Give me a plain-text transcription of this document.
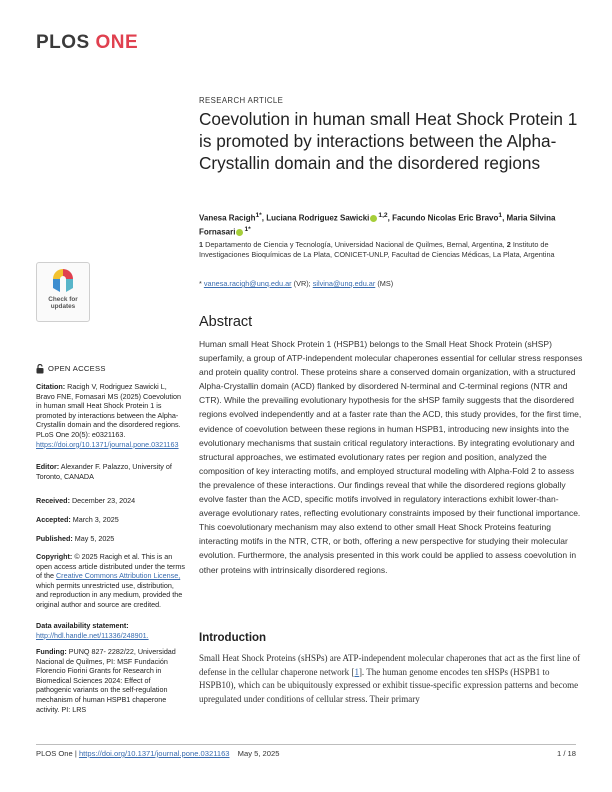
PLOS ONE
Check for
updates
OPEN ACCESS
Citation: Racigh V, Rodriguez Sawicki L, Bravo FNE, Fornasari MS (2025) Coevolution in human small Heat Shock Protein 1 is promoted by interactions between the Alpha-Crystallin domain and the disordered regions. PLoS One 20(5): e0321163. https://doi.org/10.1371/journal.pone.0321163
Editor: Alexander F. Palazzo, University of Toronto, CANADA
Received: December 23, 2024
Accepted: March 3, 2025
Published: May 5, 2025
Copyright: © 2025 Racigh et al. This is an open access article distributed under the terms of the Creative Commons Attribution License, which permits unrestricted use, distribution, and reproduction in any medium, provided the original author and source are credited.
Data availability statement: http://hdl.handle.net/11336/248901.
Funding: PUNQ 827- 2282/22, Universidad Nacional de Quilmes, PI: MSF Fundación Florencio Fiorini Grants for Research in Biomedical Sciences 2024: Effect of pathogenic variants on the self-regulation mechanism of human HSPB1 chaperone activity. PI: LRS
RESEARCH ARTICLE
Coevolution in human small Heat Shock Protein 1 is promoted by interactions between the Alpha-Crystallin domain and the disordered regions
Vanesa Racigh$^{1*}$, Luciana Rodriguez Sawicki $^{1,2}$, Facundo Nicolas Eric Bravo$^1$, Maria Silvina Fornasari $^{1*}$
1 Departamento de Ciencia y Tecnología, Universidad Nacional de Quilmes, Bernal, Argentina, 2 Instituto de Investigaciones Bioquímicas de La Plata, CONICET-UNLP, Facultad de Ciencias Médicas, La Plata, Argentina
* vanesa.racigh@unq.edu.ar (VR); silvina@unq.edu.ar (MS)
Abstract

Human small Heat Shock Protein 1 (HSPB1) belongs to the Small Heat Shock Protein (sHSP) superfamily, a group of ATP-independent molecular chaperones essential for cellular stress responses and protein quality control. These proteins share a conserved domain organization, with a structured Alpha-Crystallin domain (ACD) flanked by disordered N-terminal and C-terminal regions (NTR and CTR). While the prevailing evolutionary hypothesis for the sHSP family suggests that the disordered regions evolved independently and at a faster rate than the ACD, this study provides, for the first time, evidence of coevolution between these regions in human HSPB1, introducing new insights into the evolutionary mechanisms that sustain critical regulatory interactions. By integrating evolutionary and structural approaches, we estimated evolutionary rates per region and position, analyzed the composition of key interacting motifs, and employed structural modeling with Alpha-Fold 2 to assess the prevalence of these interactions. Our findings reveal that while the disordered regions globally evolve faster than the ACD, specific motifs involved in regulatory interactions exhibit lower-than-average evolutionary rates, reflecting evolutionary constraints imposed by their functional importance. This coevolutionary mechanism may also extend to other small Heat Shock Proteins featuring interacting motifs in the NTR, CTR, or both, offering a new perspective for studying their molecular evolution. Furthermore, the analysis presented in this work could be applied to assess coevolution in other proteins with intrinsically disordered regions.

Introduction

Small Heat Shock Proteins (sHSPs) are ATP-independent molecular chaperones that act as the first line of defense in the cellular chaperone network [1]. The human genome encodes ten sHSPs (HSPB1 to HSPB10), which can be ubiquitously expressed or exhibit tissue-specific expression patterns and become upregulated under conditions of cellular stress. Their primary

PLOS One | https://doi.org/10.1371/journal.pone.0321163 May 5, 2025	1 / 18
